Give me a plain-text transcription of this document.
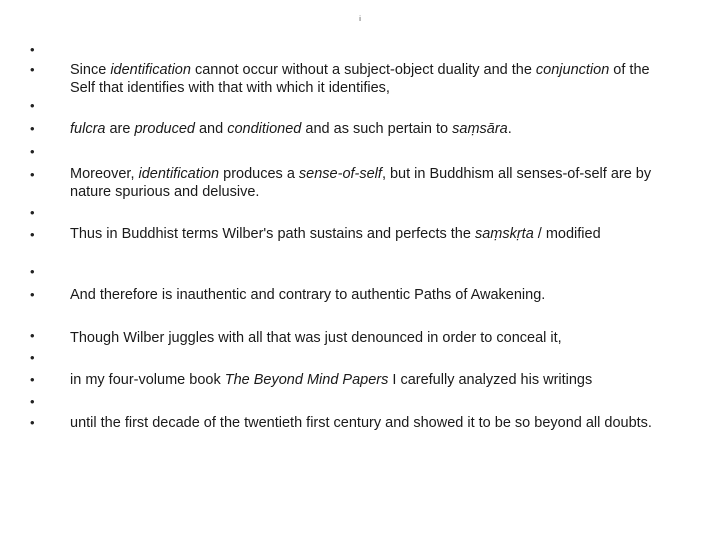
i
•
•
•
•
•
•
•
•
•
•
•
•
•
•
•
Since identification cannot occur without a subject-object duality and the conjunction of the Self that identifies with that with which it identifies,
fulcra are produced and conditioned and as such pertain to saṃsāra.
Moreover, identification produces a sense-of-self, but in Buddhism all senses-of-self are by nature spurious and delusive.
Thus in Buddhist terms Wilber's path sustains and perfects the saṃskṛta / modified
And therefore is inauthentic and contrary to authentic Paths of Awakening.
Though Wilber juggles with all that was just denounced in order to conceal it,
in my four-volume book The Beyond Mind Papers I carefully analyzed his writings
until the first decade of the twentieth first century and showed it to be so beyond all doubts.
